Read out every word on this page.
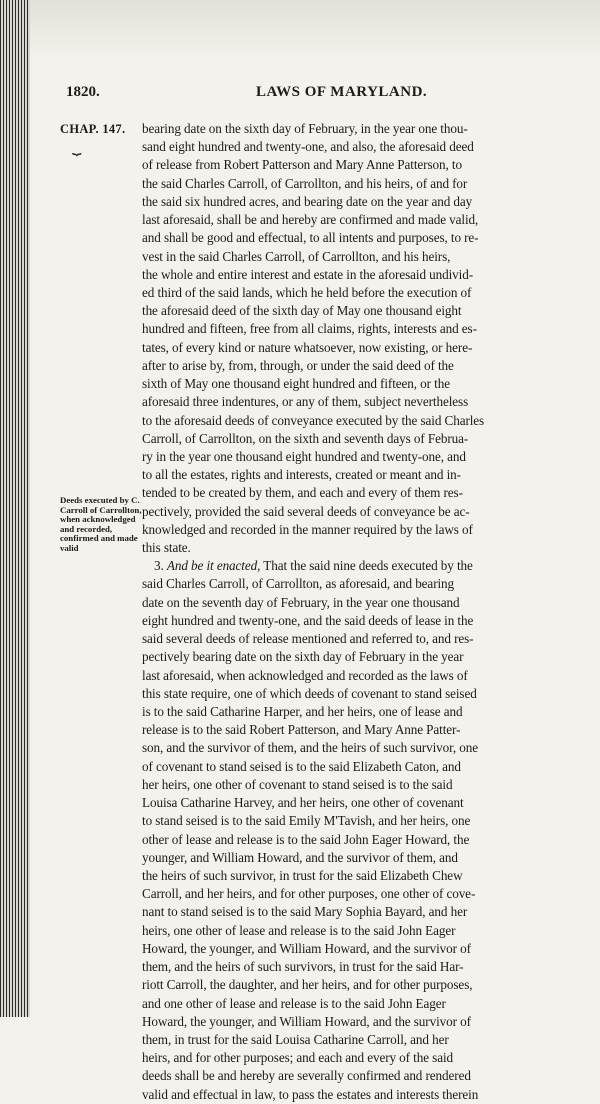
1820.	LAWS OF MARYLAND.
CHAP. 147.
⏟
Deeds executed by C. Carroll of Carrollton, when acknowledged and recorded, confirmed and made valid
bearing date on the sixth day of February, in the year one thou-
sand eight hundred and twenty-one, and also, the aforesaid deed
of release from Robert Patterson and Mary Anne Patterson, to
the said Charles Carroll, of Carrollton, and his heirs, of and for
the said six hundred acres, and bearing date on the year and day
last aforesaid, shall be and hereby are confirmed and made valid,
and shall be good and effectual, to all intents and purposes, to re-
vest in the said Charles Carroll, of Carrollton, and his heirs,
the whole and entire interest and estate in the aforesaid undivid-
ed third of the said lands, which he held before the execution of
the aforesaid deed of the sixth day of May one thousand eight
hundred and fifteen, free from all claims, rights, interests and es-
tates, of every kind or nature whatsoever, now existing, or here-
after to arise by, from, through, or under the said deed of the
sixth of May one thousand eight hundred and fifteen, or the
aforesaid three indentures, or any of them, subject nevertheless
to the aforesaid deeds of conveyance executed by the said Charles
Carroll, of Carrollton, on the sixth and seventh days of Februa-
ry in the year one thousand eight hundred and twenty-one, and
to all the estates, rights and interests, created or meant and in-
tended to be created by them, and each and every of them res-
pectively, provided the said several deeds of conveyance be ac-
knowledged and recorded in the manner required by the laws of
this state.
3. And be it enacted, That the said nine deeds executed by the
said Charles Carroll, of Carrollton, as aforesaid, and bearing
date on the seventh day of February, in the year one thousand
eight hundred and twenty-one, and the said deeds of lease in the
said several deeds of release mentioned and referred to, and res-
pectively bearing date on the sixth day of February in the year
last aforesaid, when acknowledged and recorded as the laws of
this state require, one of which deeds of covenant to stand seised
is to the said Catharine Harper, and her heirs, one of lease and
release is to the said Robert Patterson, and Mary Anne Patter-
son, and the survivor of them, and the heirs of such survivor, one
of covenant to stand seised is to the said Elizabeth Caton, and
her heirs, one other of covenant to stand seised is to the said
Louisa Catharine Harvey, and her heirs, one other of covenant
to stand seised is to the said Emily M'Tavish, and her heirs, one
other of lease and release is to the said John Eager Howard, the
younger, and William Howard, and the survivor of them, and
the heirs of such survivor, in trust for the said Elizabeth Chew
Carroll, and her heirs, and for other purposes, one other of cove-
nant to stand seised is to the said Mary Sophia Bayard, and her
heirs, one other of lease and release is to the said John Eager
Howard, the younger, and William Howard, and the survivor of
them, and the heirs of such survivors, in trust for the said Har-
riott Carroll, the daughter, and her heirs, and for other purposes,
and one other of lease and release is to the said John Eager
Howard, the younger, and William Howard, and the survivor of
them, in trust for the said Louisa Catharine Carroll, and her
heirs, and for other purposes; and each and every of the said
deeds shall be and hereby are severally confirmed and rendered
valid and effectual in law, to pass the estates and interests therein
